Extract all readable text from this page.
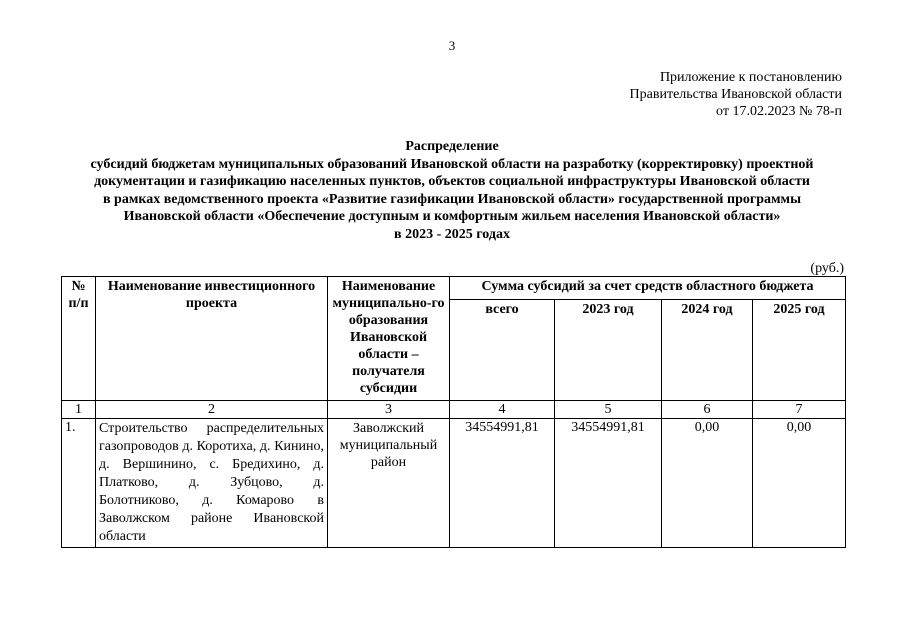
3
Приложение к постановлению
Правительства Ивановской области
от 17.02.2023 № 78-п
Распределение
субсидий бюджетам муниципальных образований Ивановской области на разработку (корректировку) проектной
документации и газификацию населенных пунктов, объектов социальной инфраструктуры Ивановской области
в рамках ведомственного проекта «Развитие газификации Ивановской области» государственной программы
Ивановской области «Обеспечение доступным и комфортным жильем населения Ивановской области»
в 2023 - 2025 годах
(руб.)
№ п/п	Наименование инвестиционного проекта	Наименование муниципально-го образования Ивановской области – получателя субсидии	Сумма субсидий за счет средств областного бюджета			
			всего	2023 год	2024 год	2025 год
1	2	3	4	5	6	7
1.	Строительство распределительных газопроводов д. Коротиха, д. Кинино, д. Вершинино, с. Бредихино, д. Платково, д. Зубцово, д. Болотниково, д. Комарово в Заволжском районе Ивановской области	Заволжский муниципальный район	34554991,81	34554991,81	0,00	0,00
